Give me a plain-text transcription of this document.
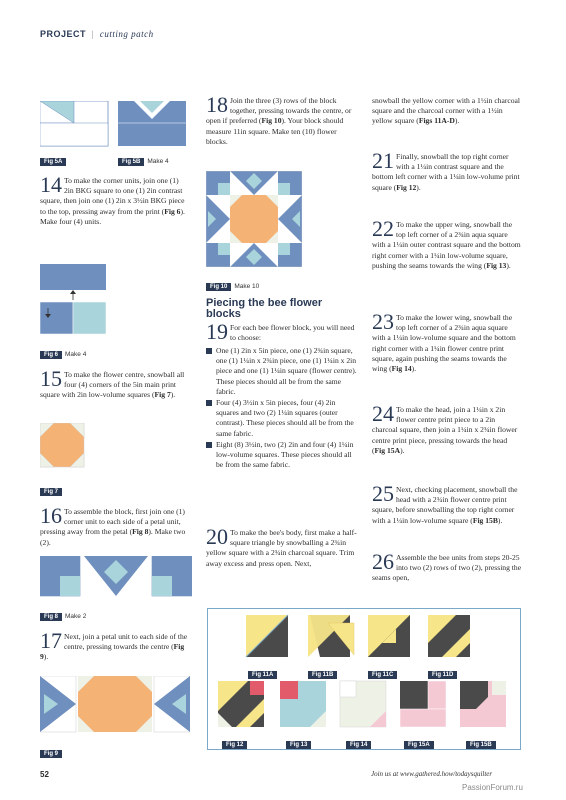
PROJECT | cutting patch
Fig 5A	Fig 5B Make 4
14 To make the corner units, join one (1) 2in BKG square to one (1) 2in contrast square, then join one (1) 2in x 3½in BKG piece to the top, pressing away from the print (Fig 6). Make four (4) units.
Fig 6 Make 4
15 To make the flower centre, snowball all four (4) corners of the 5in main print square with 2in low-volume squares (Fig 7).
Fig 7
16 To assemble the block, first join one (1) corner unit to each side of a petal unit, pressing away from the petal (Fig 8). Make two (2).
Fig 8 Make 2
17 Next, join a petal unit to each side of the centre, pressing towards the centre (Fig 9).
Fig 9
18 Join the three (3) rows of the block together, pressing towards the centre, or open if preferred (Fig 10). Your block should measure 11in square. Make ten (10) flower blocks.
Fig 10 Make 10
Piecing the bee flower blocks
19 For each bee flower block, you will need to choose:
One (1) 2in x 5in piece, one (1) 2¾in square, one (1) 1¼in x 2¾in piece, one (1) 1¼in x 2in piece and one (1) 1¼in square (flower centre). These pieces should all be from the same fabric.
Four (4) 3½in x 5in pieces, four (4) 2in squares and two (2) 1¼in squares (outer contrast). These pieces should all be from the same fabric.
Eight (8) 3½in, two (2) 2in and four (4) 1¼in low-volume squares. These pieces should all be from the same fabric.
20 To make the bee's body, first make a half-square triangle by snowballing a 2¾in yellow square with a 2¾in charcoal square. Trim away excess and press open. Next,
snowball the yellow corner with a 1½in charcoal square and the charcoal corner with a 1½in yellow square (Figs 11A-D).
21 Finally, snowball the top right corner with a 1¼in contrast square and the bottom left corner with a 1¼in low-volume print square (Fig 12).
22 To make the upper wing, snowball the top left corner of a 2¾in aqua square with a 1¼in outer contrast square and the bottom right corner with a 1¼in low-volume square, pushing the seams towards the wing (Fig 13).
23 To make the lower wing, snowball the top left corner of a 2¾in aqua square with a 1¼in low-volume square and the bottom right corner with a 1¼in flower centre print square, again pushing the seams towards the wing (Fig 14).
24 To make the head, join a 1¼in x 2in flower centre print piece to a 2in charcoal square, then join a 1¼in x 2¾in flower centre print piece, pressing towards the head (Fig 15A).
25 Next, checking placement, snowball the head with a 2¾in flower centre print square, before snowballing the top right corner with a 1¼in low-volume square (Fig 15B).
26 Assemble the bee units from steps 20-25 into two (2) rows of two (2), pressing the seams open,
Fig 11A	Fig 11B	Fig 11C	Fig 11D
Fig 12	Fig 13	Fig 14	Fig 15A	Fig 15B
52	Join us at www.gathered.how/todaysquilter
PassionForum.ru
